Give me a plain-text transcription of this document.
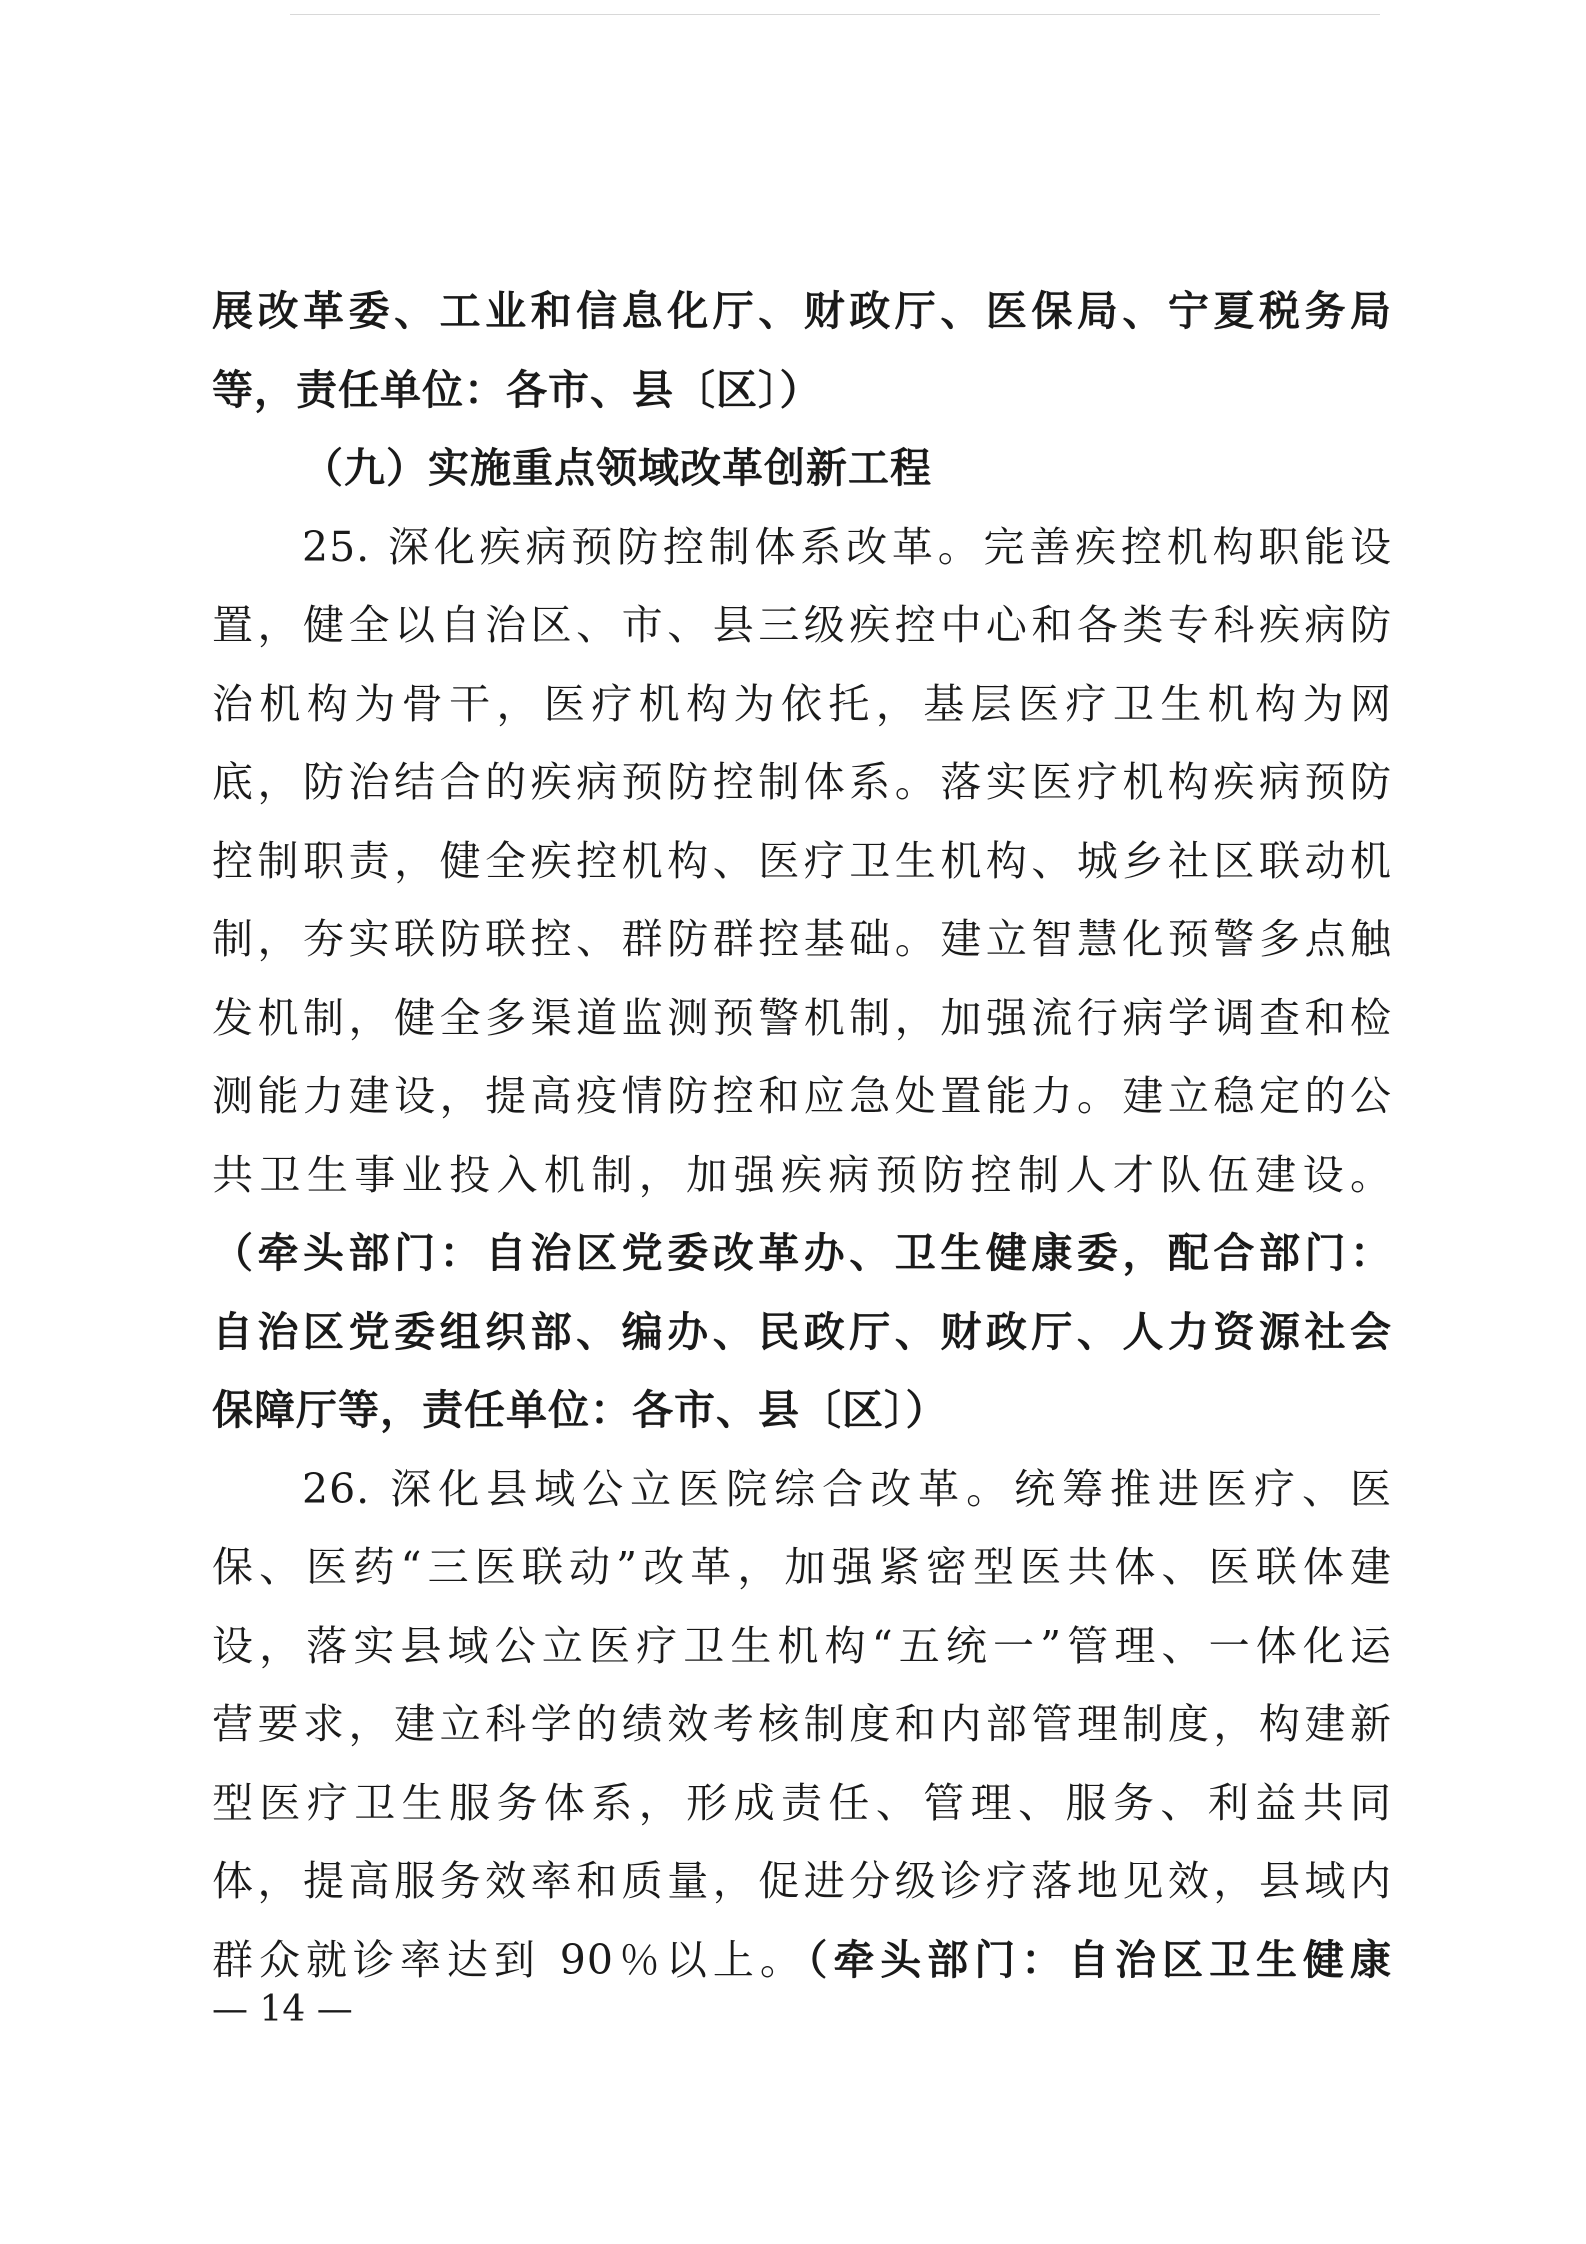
展改革委、工业和信息化厅、财政厅、医保局、宁夏税务局
等，责任单位：各市、县〔区〕）
（九）实施重点领域改革创新工程
25. 深化疾病预防控制体系改革。完善疾控机构职能设
置，健全以自治区、市、县三级疾控中心和各类专科疾病防
治机构为骨干，医疗机构为依托，基层医疗卫生机构为网
底，防治结合的疾病预防控制体系。落实医疗机构疾病预防
控制职责，健全疾控机构、医疗卫生机构、城乡社区联动机
制，夯实联防联控、群防群控基础。建立智慧化预警多点触
发机制，健全多渠道监测预警机制，加强流行病学调查和检
测能力建设，提高疫情防控和应急处置能力。建立稳定的公
共卫生事业投入机制，加强疾病预防控制人才队伍建设。
（牵头部门：自治区党委改革办、卫生健康委，配合部门：
自治区党委组织部、编办、民政厅、财政厅、人力资源社会
保障厅等，责任单位：各市、县〔区〕）
26. 深化县域公立医院综合改革。统筹推进医疗、医
保、医药“三医联动”改革，加强紧密型医共体、医联体建
设，落实县域公立医疗卫生机构“五统一”管理、一体化运
营要求，建立科学的绩效考核制度和内部管理制度，构建新
型医疗卫生服务体系，形成责任、管理、服务、利益共同
体，提高服务效率和质量，促进分级诊疗落地见效，县域内
群众就诊率达到 90％以上。（牵头部门：自治区卫生健康
— 14 —
